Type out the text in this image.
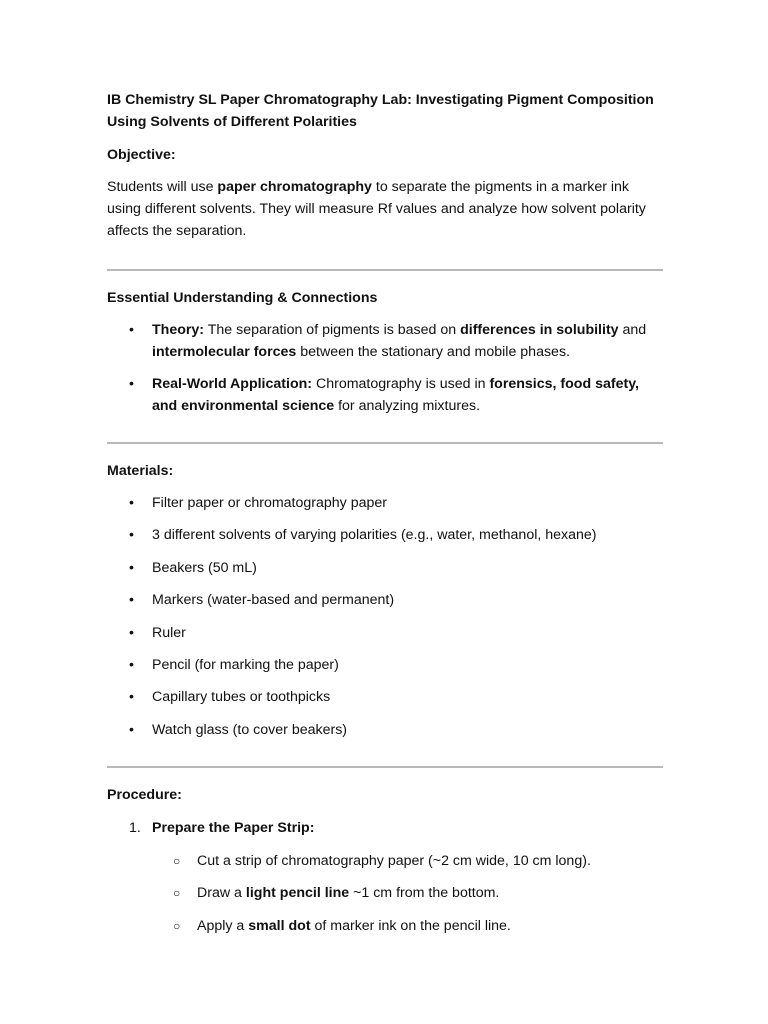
IB Chemistry SL Paper Chromatography Lab: Investigating Pigment Composition Using Solvents of Different Polarities
Objective:

Students will use paper chromatography to separate the pigments in a marker ink using different solvents. They will measure Rf values and analyze how solvent polarity affects the separation.

Essential Understanding & Connections
• Theory: The separation of pigments is based on differences in solubility and intermolecular forces between the stationary and mobile phases.
• Real-World Application: Chromatography is used in forensics, food safety, and environmental science for analyzing mixtures.
Materials:
• Filter paper or chromatography paper
• 3 different solvents of varying polarities (e.g., water, methanol, hexane)
• Beakers (50 mL)
• Markers (water-based and permanent)
• Ruler
• Pencil (for marking the paper)
• Capillary tubes or toothpicks
• Watch glass (to cover beakers)
Procedure:
1. Prepare the Paper Strip:
○ Cut a strip of chromatography paper (~2 cm wide, 10 cm long).
○ Draw a light pencil line ~1 cm from the bottom.
○ Apply a small dot of marker ink on the pencil line.
